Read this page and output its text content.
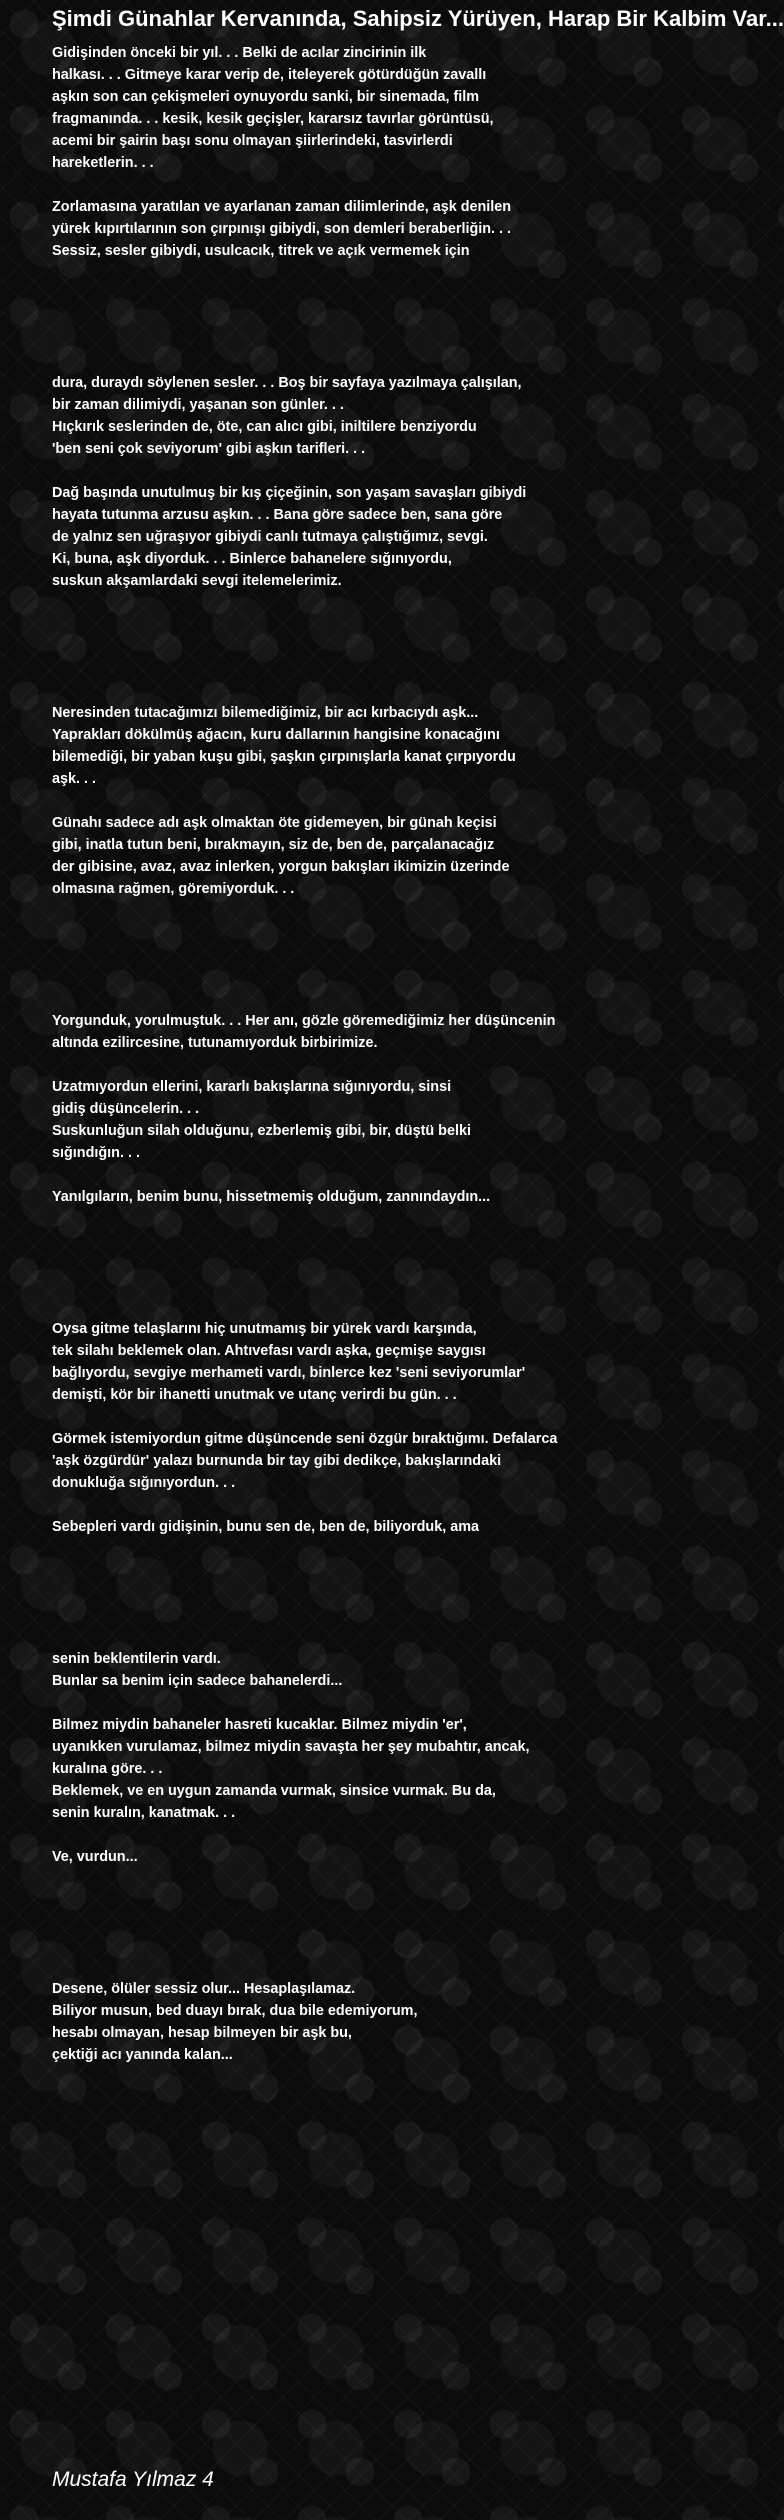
Şimdi Günahlar Kervanında, Sahipsiz Yürüyen, Harap Bir Kalbim Var...
Gidişinden önceki bir yıl. . . Belki de acılar zincirinin ilk
halkası. . . Gitmeye karar verip de, iteleyerek götürdüğün zavallı
aşkın son can çekişmeleri oynuyordu sanki, bir sinemada, film
fragmanında. . . kesik, kesik geçişler, kararsız tavırlar görüntüsü,
acemi bir şairin başı sonu olmayan şiirlerindeki, tasvirlerdi
hareketlerin. . .
Zorlamasına yaratılan ve ayarlanan zaman dilimlerinde, aşk denilen
yürek kıpırtılarının son çırpınışı gibiydi, son demleri beraberliğin. . .
Sessiz, sesler gibiydi, usulcacık, titrek ve açık vermemek için
dura, duraydı söylenen sesler. . . Boş bir sayfaya yazılmaya çalışılan,
bir zaman dilimiydi, yaşanan son günler. . .
Hıçkırık seslerinden de, öte, can alıcı gibi, iniltilere benziyordu
'ben seni çok seviyorum' gibi aşkın tarifleri. . .
Dağ başında unutulmuş bir kış çiçeğinin, son yaşam savaşları gibiydi
hayata tutunma arzusu aşkın. . . Bana göre sadece ben, sana göre
de yalnız sen uğraşıyor gibiydi canlı tutmaya çalıştığımız, sevgi.
Ki, buna, aşk diyorduk. . . Binlerce bahanelere sığınıyordu,
suskun akşamlardaki sevgi itelemelerimiz.
Neresinden tutacağımızı bilemediğimiz, bir acı kırbacıydı aşk...
Yaprakları dökülmüş ağacın, kuru dallarının hangisine konacağını
bilemediği, bir yaban kuşu gibi, şaşkın çırpınışlarla kanat çırpıyordu
aşk. . .
Günahı sadece adı aşk olmaktan öte gidemeyen, bir günah keçisi
gibi, inatla tutun beni, bırakmayın, siz de, ben de, parçalanacağız
der gibisine, avaz, avaz inlerken, yorgun bakışları ikimizin üzerinde
olmasına rağmen, göremiyorduk. . .
Yorgunduk, yorulmuştuk. . . Her anı, gözle göremediğimiz her düşüncenin
altında ezilircesine, tutunamıyorduk birbirimize.
Uzatmıyordun ellerini, kararlı bakışlarına sığınıyordu, sinsi
gidiş düşüncelerin. . .
Suskunluğun silah olduğunu, ezberlemiş gibi, bir, düştü belki
sığındığın. . .
Yanılgıların, benim bunu, hissetmemiş olduğum, zannındaydın...
Oysa gitme telaşlarını hiç unutmamış bir yürek vardı karşında,
tek silahı beklemek olan. Ahtıvefası vardı aşka, geçmişe saygısı
bağlıyordu, sevgiye merhameti vardı, binlerce kez 'seni seviyorumlar'
demişti, kör bir ihanetti unutmak ve utanç verirdi bu gün. . .
Görmek istemiyordun gitme düşüncende seni özgür bıraktığımı. Defalarca
'aşk özgürdür' yalazı burnunda bir tay gibi dedikçe, bakışlarındaki
donukluğa sığınıyordun. . .
Sebepleri vardı gidişinin, bunu sen de, ben de, biliyorduk, ama
senin beklentilerin vardı.
Bunlar sa benim için sadece bahanelerdi...
Bilmez miydin bahaneler hasreti kucaklar. Bilmez miydin 'er',
uyanıkken vurulamaz, bilmez miydin savaşta her şey mubahtır, ancak,
kuralına göre. . .
Beklemek, ve en uygun zamanda vurmak, sinsice vurmak. Bu da,
senin kuralın, kanatmak. . .
Ve, vurdun...
Desene, ölüler sessiz olur... Hesaplaşılamaz.
Biliyor musun, bed duayı bırak, dua bile edemiyorum,
hesabı olmayan, hesap bilmeyen bir aşk bu,
çektiği acı yanında kalan...
Mustafa Yılmaz 4
